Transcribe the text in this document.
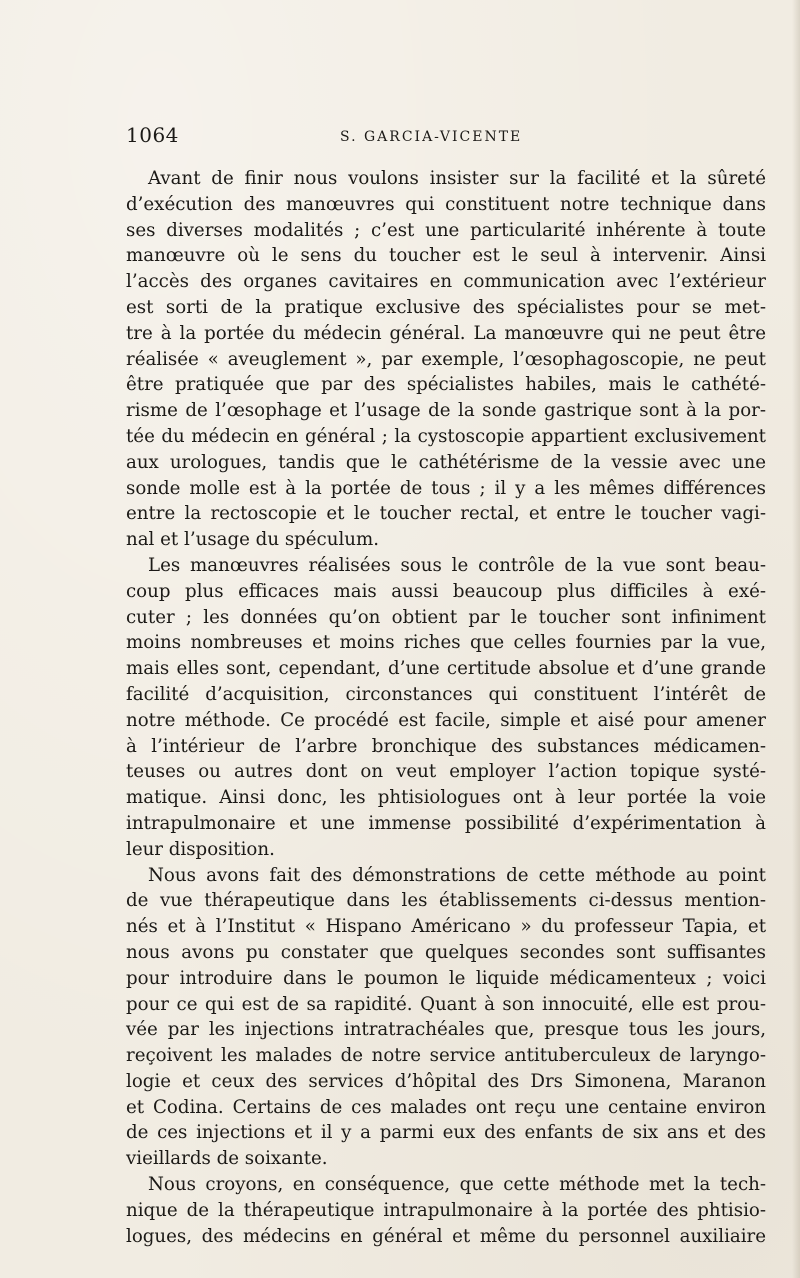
1064	S. GARCIA-VICENTE
Avant de finir nous voulons insister sur la facilité et la sûreté
d’exécution des manœuvres qui constituent notre technique dans
ses diverses modalités ; c’est une particularité inhérente à toute
manœuvre où le sens du toucher est le seul à intervenir. Ainsi
l’accès des organes cavitaires en communication avec l’extérieur
est sorti de la pratique exclusive des spécialistes pour se met-
tre à la portée du médecin général. La manœuvre qui ne peut être
réalisée « aveuglement », par exemple, l’œsophagoscopie, ne peut
être pratiquée que par des spécialistes habiles, mais le cathété-
risme de l’œsophage et l’usage de la sonde gastrique sont à la por-
tée du médecin en général ; la cystoscopie appartient exclusivement
aux urologues, tandis que le cathétérisme de la vessie avec une
sonde molle est à la portée de tous ; il y a les mêmes différences
entre la rectoscopie et le toucher rectal, et entre le toucher vagi-
nal et l’usage du spéculum.
Les manœuvres réalisées sous le contrôle de la vue sont beau-
coup plus efficaces mais aussi beaucoup plus difficiles à exé-
cuter ; les données qu’on obtient par le toucher sont infiniment
moins nombreuses et moins riches que celles fournies par la vue,
mais elles sont, cependant, d’une certitude absolue et d’une grande
facilité d’acquisition, circonstances qui constituent l’intérêt de
notre méthode. Ce procédé est facile, simple et aisé pour amener
à l’intérieur de l’arbre bronchique des substances médicamen-
teuses ou autres dont on veut employer l’action topique systé-
matique. Ainsi donc, les phtisiologues ont à leur portée la voie
intrapulmonaire et une immense possibilité d’expérimentation à
leur disposition.
Nous avons fait des démonstrations de cette méthode au point
de vue thérapeutique dans les établissements ci-dessus mention-
nés et à l’Institut « Hispano Américano » du professeur Tapia, et
nous avons pu constater que quelques secondes sont suffisantes
pour introduire dans le poumon le liquide médicamenteux ; voici
pour ce qui est de sa rapidité. Quant à son innocuité, elle est prou-
vée par les injections intratrachéales que, presque tous les jours,
reçoivent les malades de notre service antituberculeux de laryngo-
logie et ceux des services d’hôpital des Drs Simonena, Maranon
et Codina. Certains de ces malades ont reçu une centaine environ
de ces injections et il y a parmi eux des enfants de six ans et des
vieillards de soixante.
Nous croyons, en conséquence, que cette méthode met la tech-
nique de la thérapeutique intrapulmonaire à la portée des phtisio-
logues, des médecins en général et même du personnel auxiliaire
